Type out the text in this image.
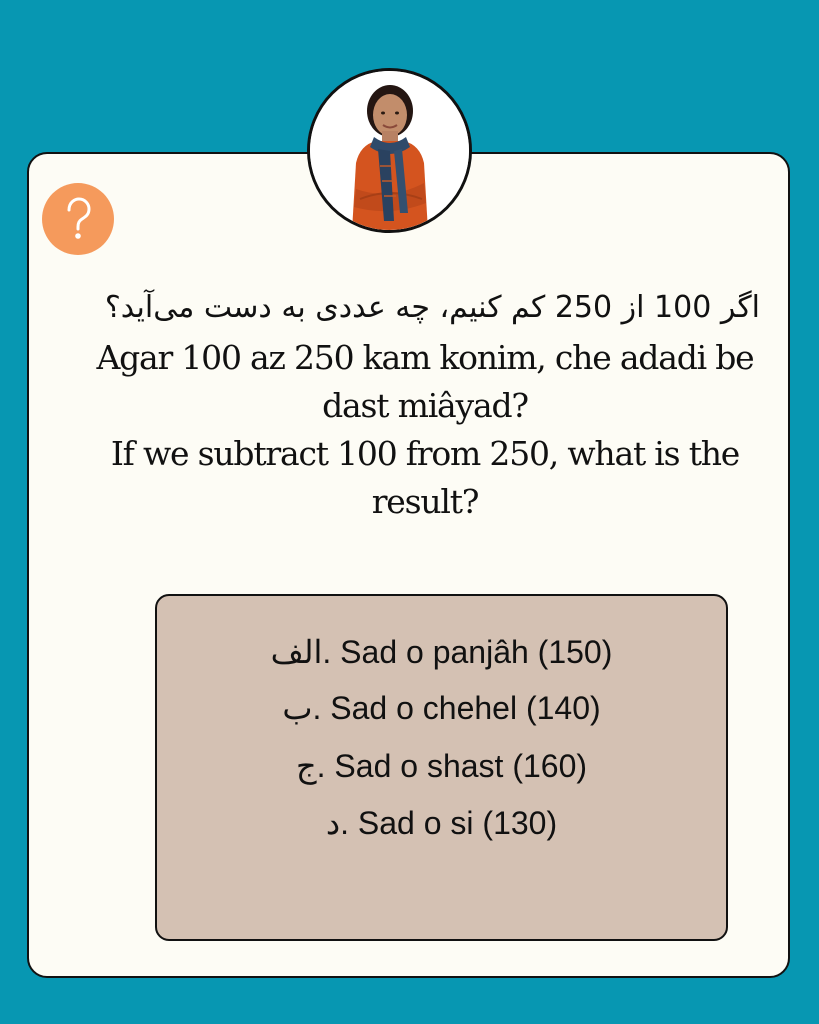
اگر 100 از 250 کم کنیم، چه عددی به دست می‌آید؟
Agar 100 az 250 kam konim, che adadi be dast miâyad?
If we subtract 100 from 250, what is the result?
الف. Sad o panjâh (150)
ب. Sad o chehel (140)
ج. Sad o shast (160)
د. Sad o si (130)
